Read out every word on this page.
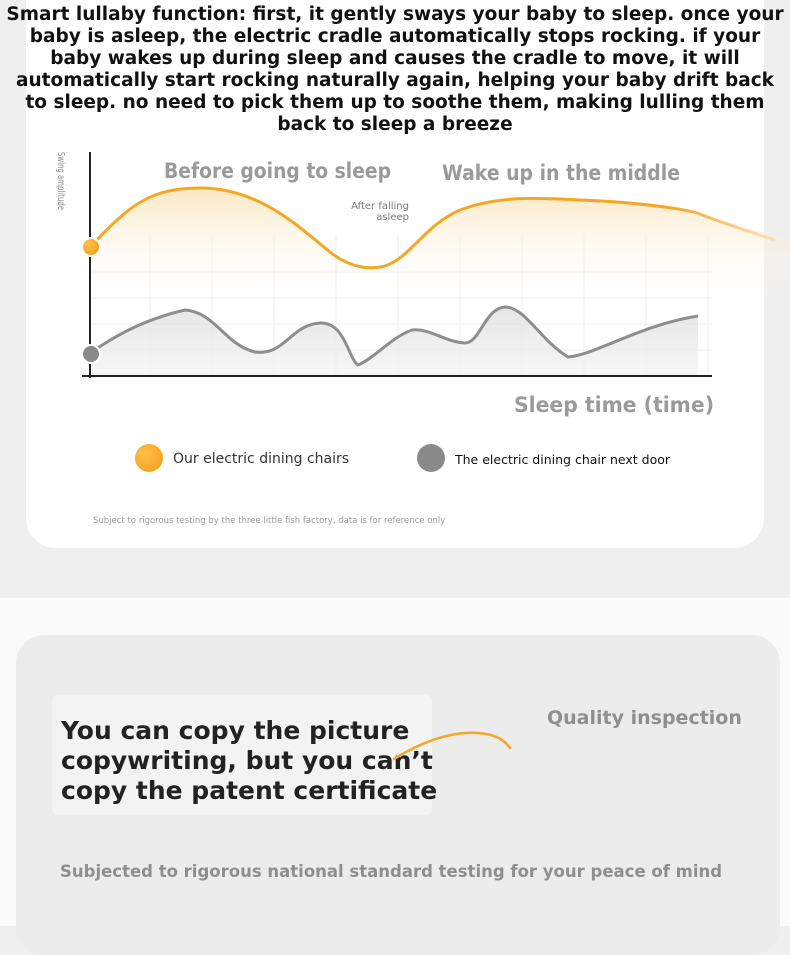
Smart lullaby function: first, it gently sways your baby to sleep. once your baby is asleep, the electric cradle automatically stops rocking. if your baby wakes up during sleep and causes the cradle to move, it will automatically start rocking naturally again, helping your baby drift back to sleep. no need to pick them up to soothe them, making lulling them back to sleep a breeze
Swing amplitude	Before going to sleep
After falling asleep
Wake up in the middle
Sleep time (time)
Our electric dining chairs	The electric dining chair next door
Subject to rigorous testing by the three little fish factory, data is for reference only
You can copy the picture copywriting, but you can’t copy the patent certificate
Quality inspection
Subjected to rigorous national standard testing for your peace of mind
